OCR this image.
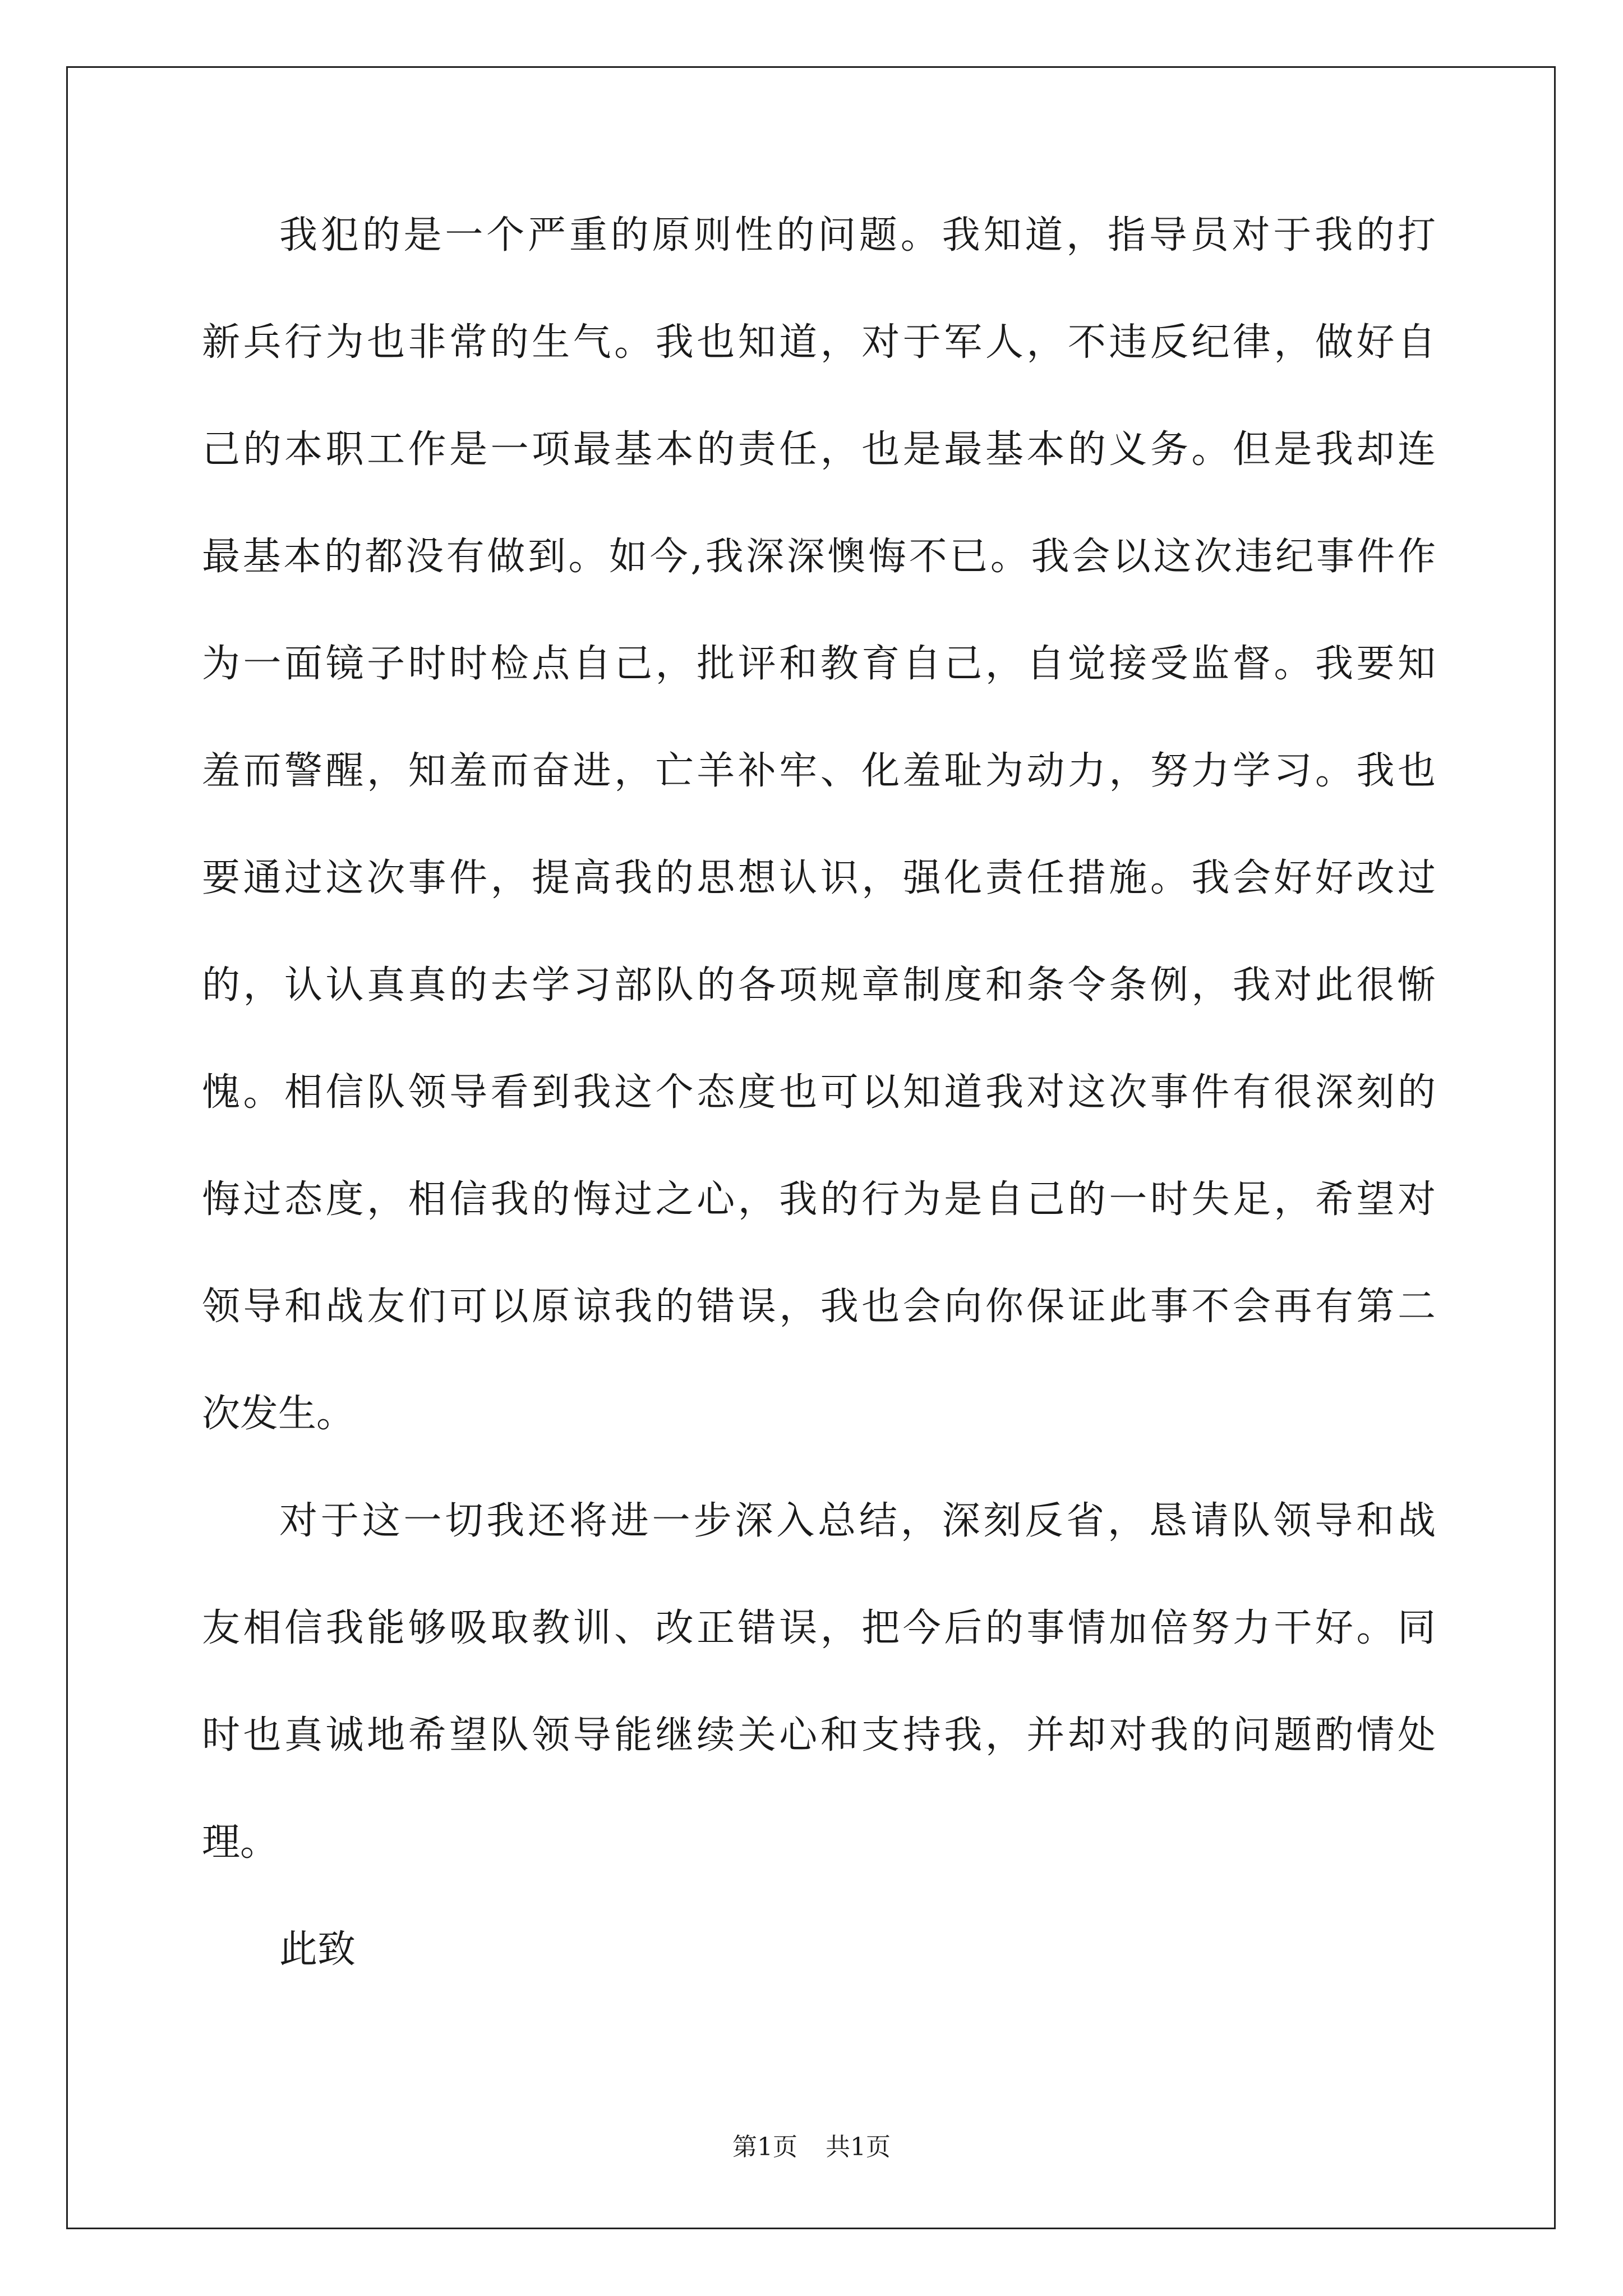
我犯的是一个严重的原则性的问题。我知道，指导员对于我的打
新兵行为也非常的生气。我也知道，对于军人，不违反纪律，做好自
己的本职工作是一项最基本的责任，也是最基本的义务。但是我却连
最基本的都没有做到。如今,我深深懊悔不已。我会以这次违纪事件作
为一面镜子时时检点自己，批评和教育自己，自觉接受监督。我要知
羞而警醒，知羞而奋进，亡羊补牢、化羞耻为动力，努力学习。我也
要通过这次事件，提高我的思想认识，强化责任措施。我会好好改过
的，认认真真的去学习部队的各项规章制度和条令条例，我对此很惭
愧。相信队领导看到我这个态度也可以知道我对这次事件有很深刻的
悔过态度，相信我的悔过之心，我的行为是自己的一时失足，希望对
领导和战友们可以原谅我的错误，我也会向你保证此事不会再有第二
次发生。
对于这一切我还将进一步深入总结，深刻反省，恳请队领导和战
友相信我能够吸取教训、改正错误，把今后的事情加倍努力干好。同
时也真诚地希望队领导能继续关心和支持我，并却对我的问题酌情处
理。
此致
第1页 共1页
